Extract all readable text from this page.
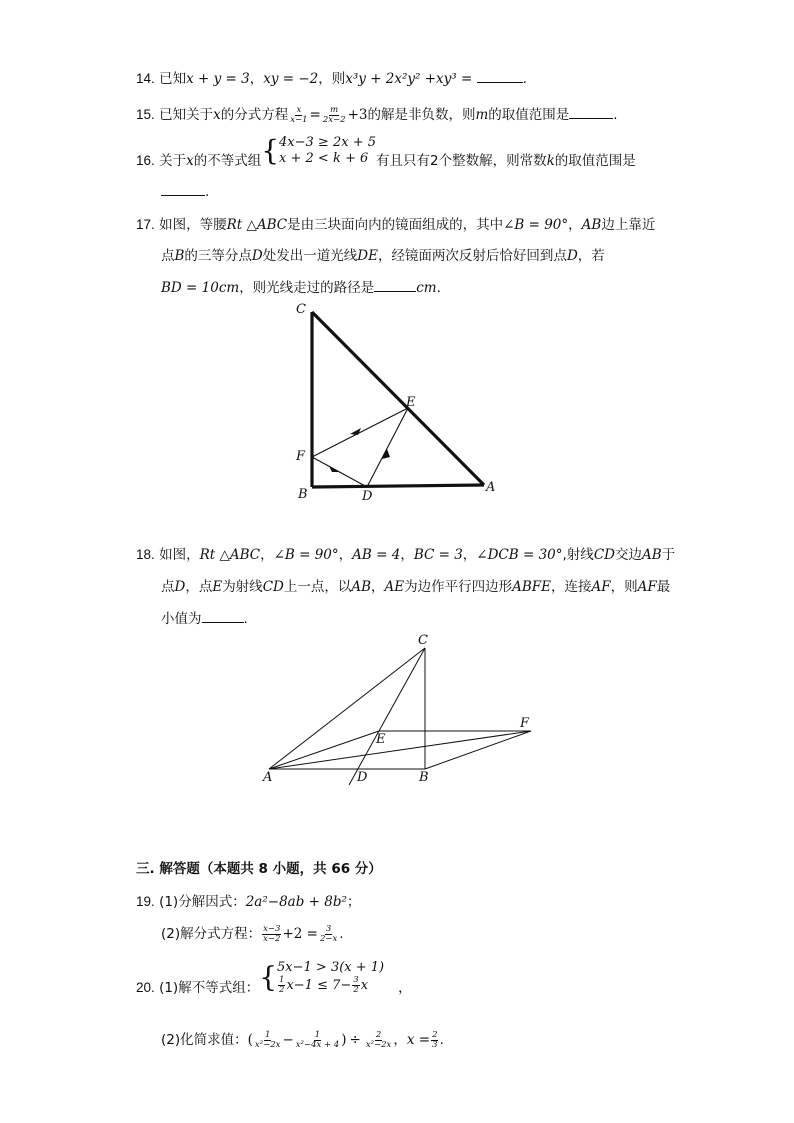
14. 已知x + y = 3，xy = −2，则x³y + 2x²y² +xy³ =	.
15. 已知关于x的分式方程 $\frac{x}{x-1} = \frac{m}{2x-2} +3$的解是非负数，则m的取值范围是	.
16. 关于x的不等式组{ 4x−3 ≥ 2x + 5
x + 2 < k + 6 有且只有2个整数解，则常数k的取值范围是
.
17. 如图，等腰Rt △ABC是由三块面向内的镜面组成的，其中∠B = 90°，AB边上靠近
点B的三等分点D处发出一道光线DE，经镜面两次反射后恰好回到点D，若
BD = 10cm，则光线走过的路径是	cm.
C
E
F
B	D
A
18. 如图，Rt △ABC，∠B = 90°，AB = 4，BC = 3，∠DCB = 30°,射线CD交边AB于
点D，点E为射线CD上一点，以AB，AE为边作平行四边形ABFE，连接AF，则AF最
小值为	.
C
F
E
A	D	B
三. 解答题（本题共 8 小题，共 66 分）
19. (1)分解因式：2a²−8ab + 8b²；
(2)解分式方程： $\frac{x-3}{x-2} +2 = \frac{3}{2-x}$ .
20. (1)解不等式组：{ 5x−1 > 3(x + 1)
$\frac{1}{2} x-1 \le 7- \frac{3}{2}$ x	，
(2)化简求值：( $\frac{1}{\text{x²−2x}} - \frac{1}{\text{x²−4x + 4}}$ ) ÷ $\frac{2}{\text{x²−2x}}$ ，$x = \frac{2}{3}$ .
